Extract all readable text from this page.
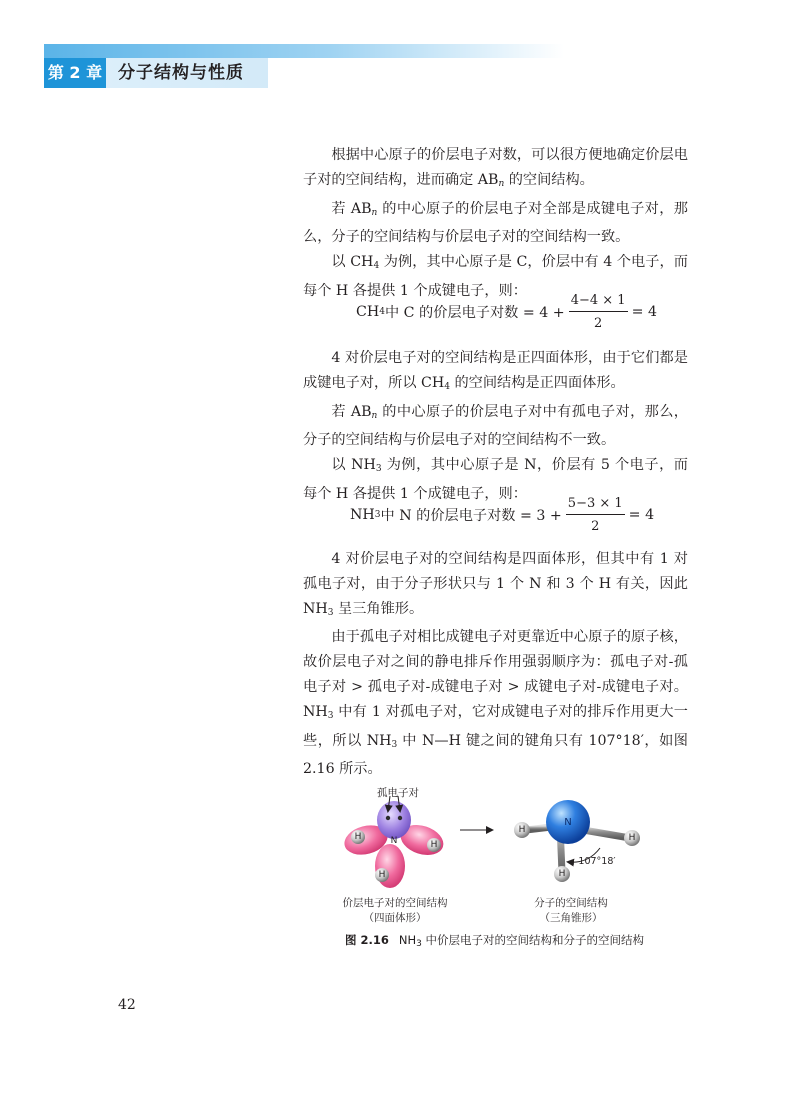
第 2 章 分子结构与性质

根据中心原子的价层电子对数，可以很方便地确定价层电子对的空间结构，进而确定 $AB_n$ 的空间结构。

若 $AB_n$ 的中心原子的价层电子对全部是成键电子对，那么，分子的空间结构与价层电子对的空间结构一致。

以 $CH_4$ 为例，其中心原子是 C，价层中有 4 个电子，而每个 H 各提供 1 个成键电子，则：

CH 4 中 C 的价层电子对数 = $4 + \frac{4-4 \times 1}{2} = 4$

4 对价层电子对的空间结构是正四面体形，由于它们都是成键电子对，所以 $CH_4$ 的空间结构是正四面体形。

若 $AB_n$ 的中心原子的价层电子对中有孤电子对，那么，分子的空间结构与价层电子对的空间结构不一致。

以 $NH_3$ 为例，其中心原子是 N，价层有 5 个电子，而每个 H 各提供 1 个成键电子，则：

NH 3 中 N 的价层电子对数 = $3 + \frac{5-3 \times 1}{2} = 4$

4 对价层电子对的空间结构是四面体形，但其中有 1 对孤电子对，由于分子形状只与 1 个 N 和 3 个 H 有关，因此 $NH_3$ 呈三角锥形。

由于孤电子对相比成键电子对更靠近中心原子的原子核，故价层电子对之间的静电排斥作用强弱顺序为：孤电子对-孤电子对 > 孤电子对-成键电子对 > 成键电子对-成键电子对。$NH_3$ 中有 1 对孤电子对，它对成键电子对的排斥作用更大一些，所以 $NH_3$ 中 N—H 键之间的键角只有 107°18′，如图 2.16 所示。

孤电子对
N
H
H
H
N
H
H
H
107°18′
价层电子对的空间结构
（四面体形）
分子的空间结构
（三角锥形）
图 2.16 $NH_3$ 中价层电子对的空间结构和分子的空间结构
42
